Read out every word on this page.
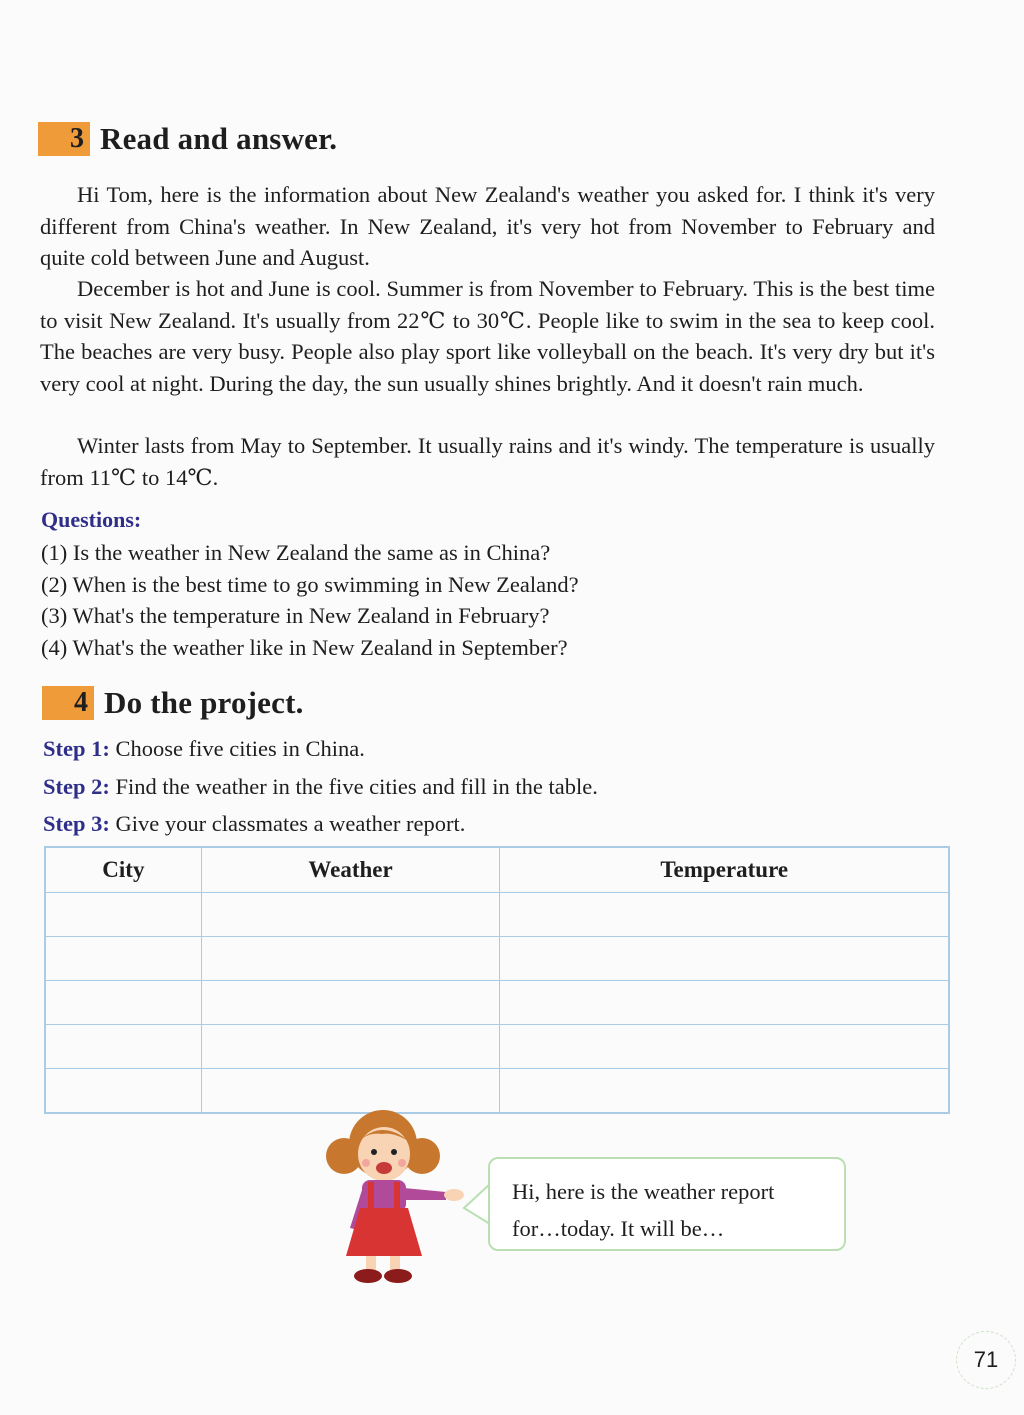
3 Read and answer.
Hi Tom, here is the information about New Zealand's weather you asked for. I think it's very different from China's weather. In New Zealand, it's very hot from November to February and quite cold between June and August.
December is hot and June is cool. Summer is from November to February. This is the best time to visit New Zealand. It's usually from 22℃ to 30℃. People like to swim in the sea to keep cool. The beaches are very busy. People also play sport like volleyball on the beach. It's very dry but it's very cool at night. During the day, the sun usually shines brightly. And it doesn't rain much.
Winter lasts from May to September. It usually rains and it's windy. The temperature is usually from 11℃ to 14℃.
Questions:
(1) Is the weather in New Zealand the same as in China?
(2) When is the best time to go swimming in New Zealand?
(3) What's the temperature in New Zealand in February?
(4) What's the weather like in New Zealand in September?
4 Do the project.
Step 1: Choose five cities in China.
Step 2: Find the weather in the five cities and fill in the table.
Step 3: Give your classmates a weather report.
City	Weather	Temperature

Hi, here is the weather report
for…today. It will be…
71
